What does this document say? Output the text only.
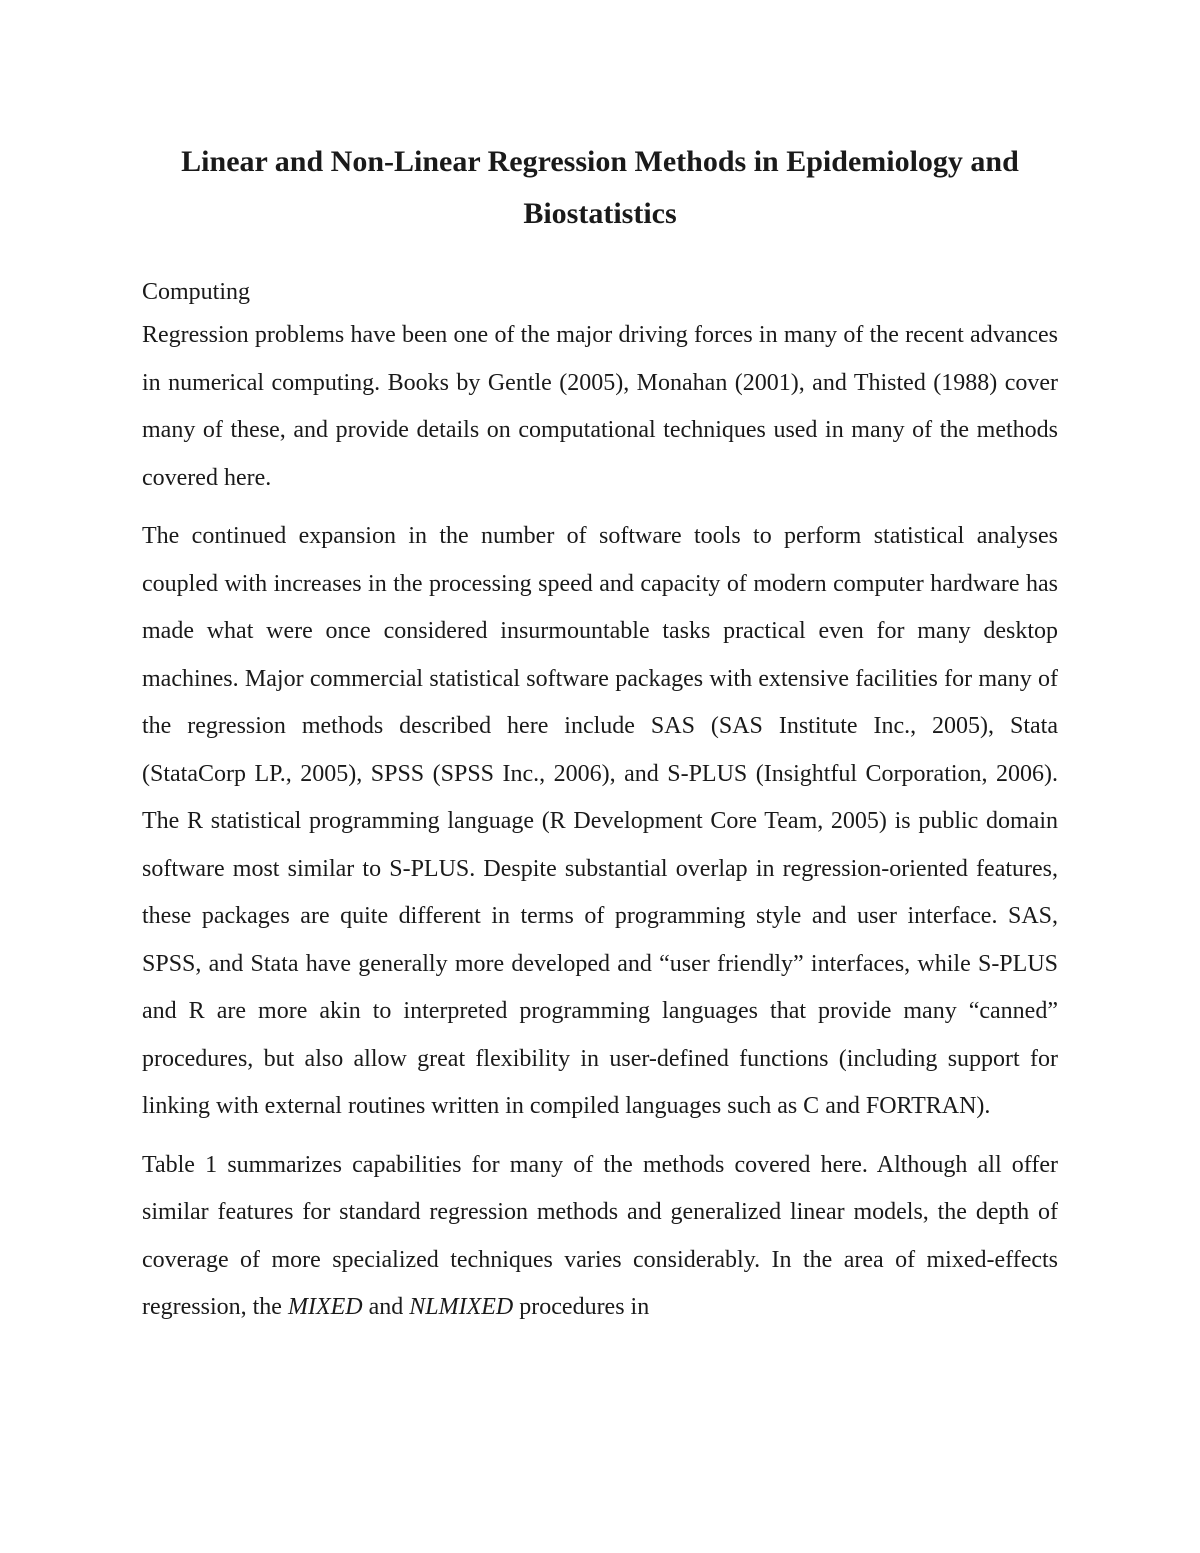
Linear and Non-Linear Regression Methods in Epidemiology and Biostatistics

Computing

Regression problems have been one of the major driving forces in many of the recent advances in numerical computing. Books by Gentle (2005), Monahan (2001), and Thisted (1988) cover many of these, and provide details on computational techniques used in many of the methods covered here.

The continued expansion in the number of software tools to perform statistical analyses coupled with increases in the processing speed and capacity of modern computer hardware has made what were once considered insurmountable tasks practical even for many desktop machines. Major commercial statistical software packages with extensive facilities for many of the regression methods described here include SAS (SAS Institute Inc., 2005), Stata (StataCorp LP., 2005), SPSS (SPSS Inc., 2006), and S-PLUS (Insightful Corporation, 2006). The R statistical programming language (R Development Core Team, 2005) is public domain software most similar to S-PLUS. Despite substantial overlap in regression-oriented features, these packages are quite different in terms of programming style and user interface. SAS, SPSS, and Stata have generally more developed and “user friendly” interfaces, while S-PLUS and R are more akin to interpreted programming languages that provide many “canned” procedures, but also allow great flexibility in user-defined functions (including support for linking with external routines written in compiled languages such as C and FORTRAN).

Table 1 summarizes capabilities for many of the methods covered here. Although all offer similar features for standard regression methods and generalized linear models, the depth of coverage of more specialized techniques varies considerably. In the area of mixed-effects regression, the MIXED and NLMIXED procedures in
